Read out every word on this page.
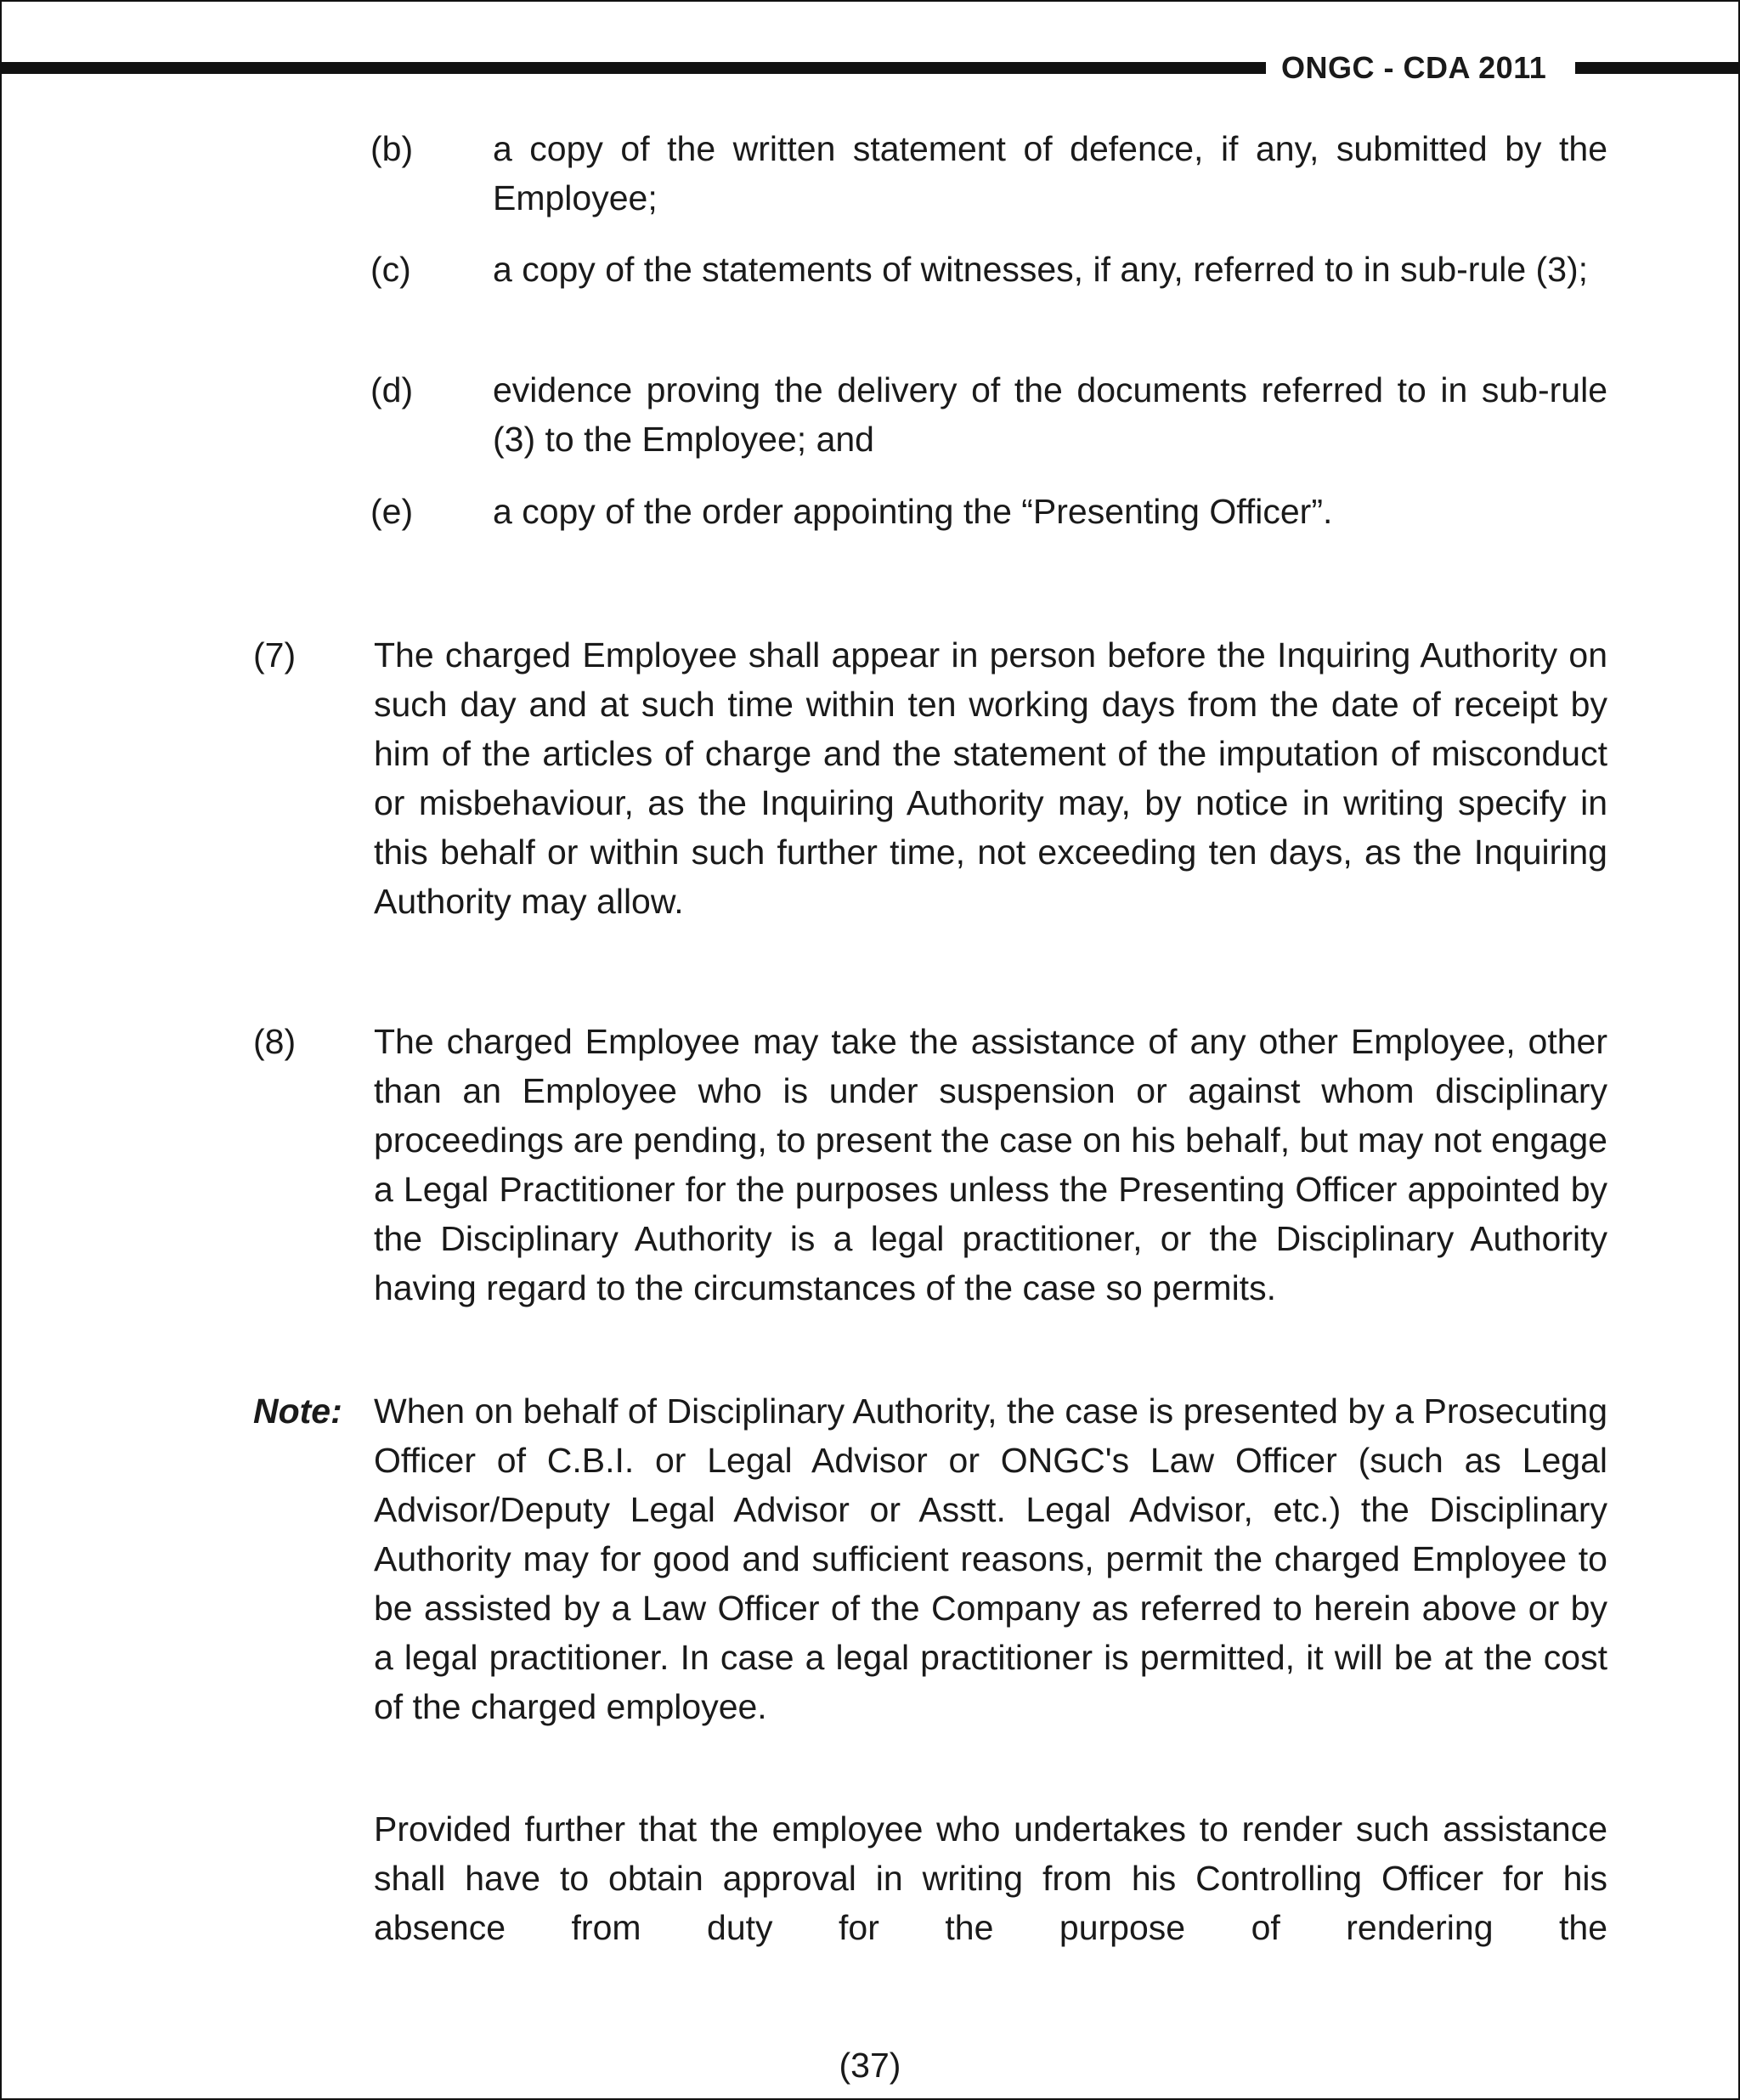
ONGC - CDA 2011
(b) a copy of the written statement of defence, if any, submitted by the Employee;
(c) a copy of the statements of witnesses, if any, referred to in sub-rule (3);
(d) evidence proving the delivery of the documents referred to in sub-rule (3) to the Employee; and
(e) a copy of the order appointing the “Presenting Officer”.
(7) The charged Employee shall appear in person before the Inquiring Authority on such day and at such time within ten working days from the date of receipt by him of the articles of charge and the statement of the imputation of misconduct or misbehaviour, as the Inquiring Authority may, by notice in writing specify in this behalf or within such further time, not exceeding ten days, as the Inquiring Authority may allow.
(8) The charged Employee may take the assistance of any other Employee, other than an Employee who is under suspension or against whom disciplinary proceedings are pending, to present the case on his behalf, but may not engage a Legal Practitioner for the purposes unless the Presenting Officer appointed by the Disciplinary Authority is a legal practitioner, or the Disciplinary Authority having regard to the circumstances of the case so permits.
Note: When on behalf of Disciplinary Authority, the case is presented by a Prosecuting Officer of C.B.I. or Legal Advisor or ONGC's Law Officer (such as Legal Advisor/Deputy Legal Advisor or Asstt. Legal Advisor, etc.) the Disciplinary Authority may for good and sufficient reasons, permit the charged Employee to be assisted by a Law Officer of the Company as referred to herein above or by a legal practitioner. In case a legal practitioner is permitted, it will be at the cost of the charged employee.
Provided further that the employee who undertakes to render such assistance shall have to obtain approval in writing from his Controlling Officer for his absence from duty for the purpose of rendering the
(37)
